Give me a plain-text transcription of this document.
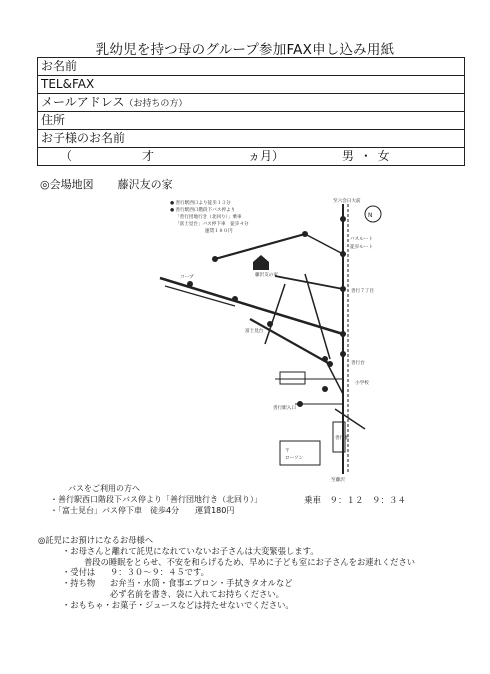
乳幼児を持つ母のグループ参加FAX申し込み用紙
お名前
TEL&FAX
メールアドレス（お持ちの方）
住所
お子様のお名前
（	才	ヵ月）	男 ・ 女
◎会場地図 藤沢友の家
● 善行駅西口より徒歩１３分
● 善行駅西口階段下バス停より
「善行団地行き（北回り）」乗車
「富士見台」バス停下車　徒歩４分
運賃１８０円
至六会日大前
N
バスルート
徒歩ルート
善行７丁目
善行台
藤沢友の家
コープ
富士見台
善行駅入口
小学校
ローソン
〒
善行駅
至藤沢
バスをご利用の方へ
・善行駅西口階段下バス停より「善行団地行き（北回り）」
・「富士見台」バス停下車　徒歩4分　　運賃180円
乗車　９：１２　９：３４
◎託児にお預けになるお母様へ
・お母さんと離れて託児になれていないお子さんは大変緊張します。
普段の睡眠をとらせ、不安を和らげるため、早めに子ども室にお子さんをお連れください
・受付は ９：３０～９：４５です。
・持ち物 お弁当・水筒・食事エプロン・手拭きタオルなど
必ず名前を書き、袋に入れてお持ちください。
・おもちゃ・お菓子・ジュースなどは持たせないでください。
